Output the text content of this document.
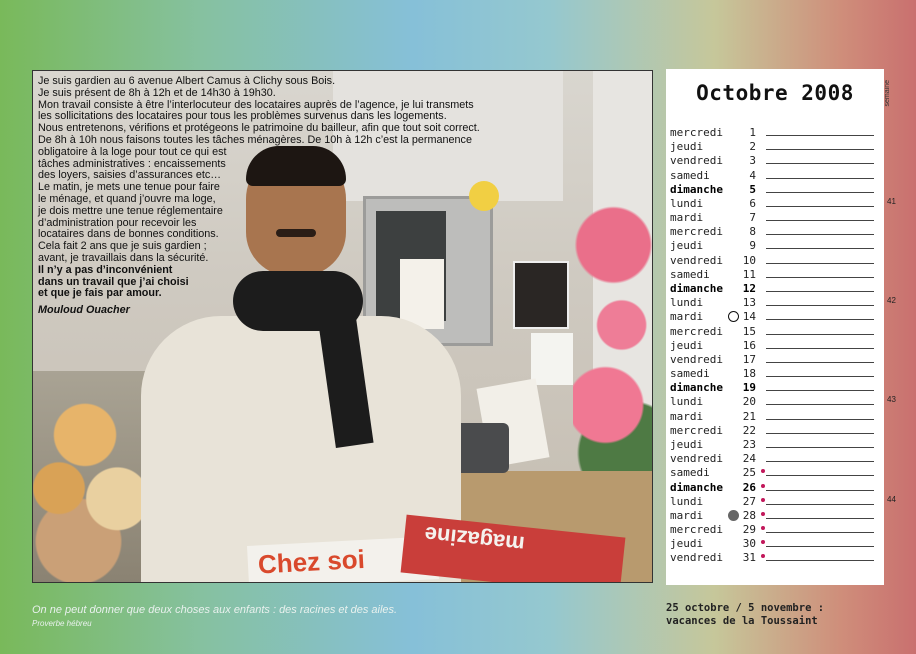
Chez soi
magazine

Je suis gardien au 6 avenue Albert Camus à Clichy sous Bois.

Je suis présent de 8h à 12h et de 14h30 à 19h30.

Mon travail consiste à être l’interlocuteur des locataires auprès de l’agence, je lui transmets

les sollicitations des locataires pour tous les problèmes survenus dans les logements.

Nous entretenons, vérifions et protégeons le patrimoine du bailleur, afin que tout soit correct.

De 8h à 10h nous faisons toutes les tâches ménagères. De 10h à 12h c’est la permanence

obligatoire à la loge pour tout ce qui est

tâches administratives : encaissements

des loyers, saisies d’assurances etc…

Le matin, je mets une tenue pour faire

le ménage, et quand j’ouvre ma loge,

je dois mettre une tenue réglementaire

d’administration pour recevoir les

locataires dans de bonnes conditions.

Cela fait 2 ans que je suis gardien ;

avant, je travaillais dans la sécurité.

Il n’y a pas d’inconvénient

dans un travail que j’ai choisi

et que je fais par amour.

Mouloud Ouacher

Octobre 2008
mercredi	1
jeudi	2
vendredi	3
samedi	4
dimanche	5
lundi	6
mardi	7
mercredi	8
jeudi	9
vendredi	10
samedi	11
dimanche	12
lundi	13
mardi	14
mercredi	15
jeudi	16
vendredi	17
samedi	18
dimanche	19
lundi	20
mardi	21
mercredi	22
jeudi	23
vendredi	24
samedi	25
dimanche	26
lundi	27
mardi	28
mercredi	29
jeudi	30
vendredi	31
semaine
41
42
43
44
On ne peut donner que deux choses aux enfants : des racines et des ailes.
Proverbe hébreu
25 octobre / 5 novembre :
vacances de la Toussaint
